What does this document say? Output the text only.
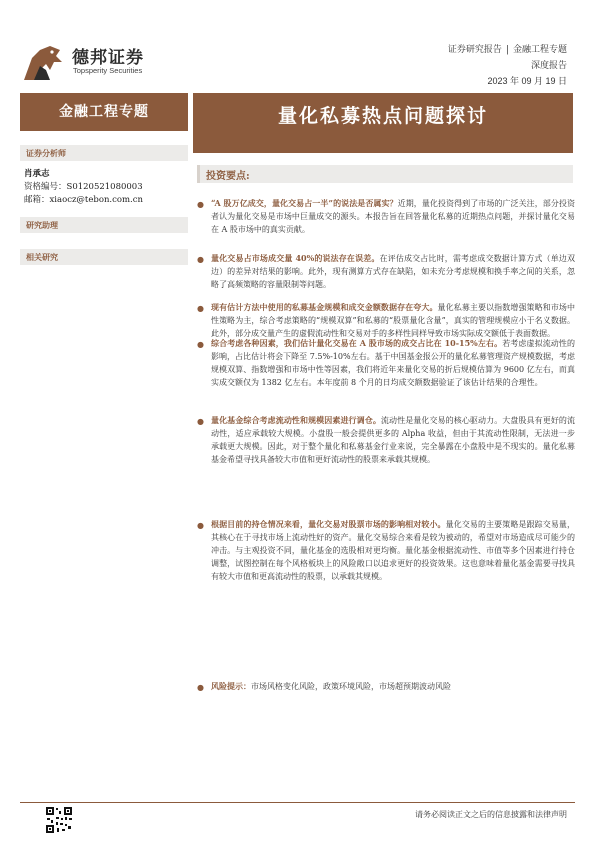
德邦证券
Topsperity Securities
证券研究报告 | 金融工程专题
深度报告
2023 年 09 月 19 日
金融工程专题	量化私募热点问题探讨
证券分析师
肖承志
资格编号：S0120521080003
邮箱：xiaocz@tebon.com.cn
研究助理
相关研究
投资要点:
● “A 股万亿成交，量化交易占一半”的说法是否属实？近期，量化投资得到了市场的广泛关注，部分投资者认为量化交易是市场中巨量成交的源头。本报告旨在回答量化私募的近期热点问题，并探讨量化交易在 A 股市场中的真实贡献。
● 量化交易占市场成交量 40%的说法存在误差。在评估成交占比时，需考虑成交数据计算方式（单边双边）的差异对结果的影响。此外，现有测算方式存在缺陷，如未充分考虑规模和换手率之间的关系，忽略了高频策略的容量限制等问题。
● 现有估计方法中使用的私募基金规模和成交金额数据存在夸大。量化私募主要以指数增强策略和市场中性策略为主，综合考虑策略的“规模双算”和私募的“股票量化含量”，真实的管理规模应小于名义数据。此外，部分成交量产生的虚假流动性和交易对手的多样性同样导致市场实际成交额低于表面数据。
● 综合考虑各种因素，我们估计量化交易在 A 股市场的成交占比在 10-15%左右。若考虑虚拟流动性的影响，占比估计将会下降至 7.5%-10%左右。基于中国基金报公开的量化私募管理资产规模数据，考虑规模双算、指数增强和市场中性等因素，我们将近年来量化交易的折后规模估算为 9600 亿左右，而真实成交额仅为 1382 亿左右。本年度前 8 个月的日均成交额数据验证了该估计结果的合理性。
● 量化基金综合考虑流动性和规模因素进行调仓。流动性是量化交易的核心驱动力。大盘股具有更好的流动性，适应承载较大规模。小盘股一般会提供更多的 Alpha 收益，但由于其流动性限制，无法进一步承载更大规模。因此，对于整个量化和私募基金行业来说，完全暴露在小盘股中是不现实的。量化私募基金希望寻找具备较大市值和更好流动性的股票来承载其规模。
● 根据目前的持仓情况来看，量化交易对股票市场的影响相对较小。量化交易的主要策略是跟踪交易量，其核心在于寻找市场上流动性好的资产。量化交易综合来看是较为被动的，希望对市场造成尽可能少的冲击。与主观投资不同，量化基金的选股相对更均衡。量化基金根据流动性、市值等多个因素进行持仓调整，试图控制在每个风格板块上的风险敞口以追求更好的投资效果。这也意味着量化基金需要寻找具有较大市值和更高流动性的股票，以承载其规模。
● 风险提示：市场风格变化风险，政策环境风险，市场超预期波动风险
请务必阅读正文之后的信息披露和法律声明
